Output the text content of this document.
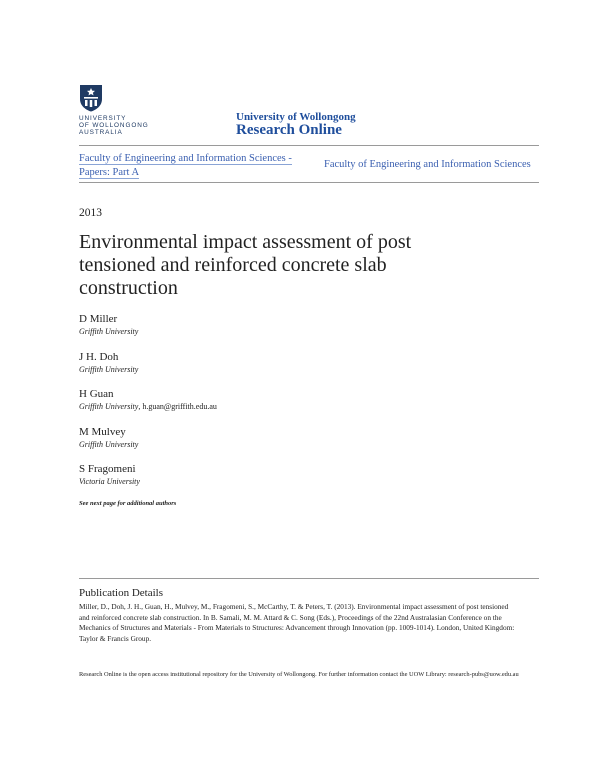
UNIVERSITY
OF WOLLONGONG
AUSTRALIA
University of Wollongong
Research Online
Faculty of Engineering and Information Sciences - Papers: Part A
Faculty of Engineering and Information Sciences
2013
Environmental impact assessment of post tensioned and reinforced concrete slab construction
D Miller
Griffith University
J H. Doh
Griffith University
H Guan
Griffith University, h.guan@griffith.edu.au
M Mulvey
Griffith University
S Fragomeni
Victoria University
See next page for additional authors
Publication Details

Miller, D., Doh, J. H., Guan, H., Mulvey, M., Fragomeni, S., McCarthy, T. & Peters, T. (2013). Environmental impact assessment of post tensioned and reinforced concrete slab construction. In B. Samali, M. M. Attard & C. Song (Eds.), Proceedings of the 22nd Australasian Conference on the Mechanics of Structures and Materials - From Materials to Structures: Advancement through Innovation (pp. 1009-1014). London, United Kingdom: Taylor & Francis Group.

Research Online is the open access institutional repository for the University of Wollongong. For further information contact the UOW Library: research-pubs@uow.edu.au
